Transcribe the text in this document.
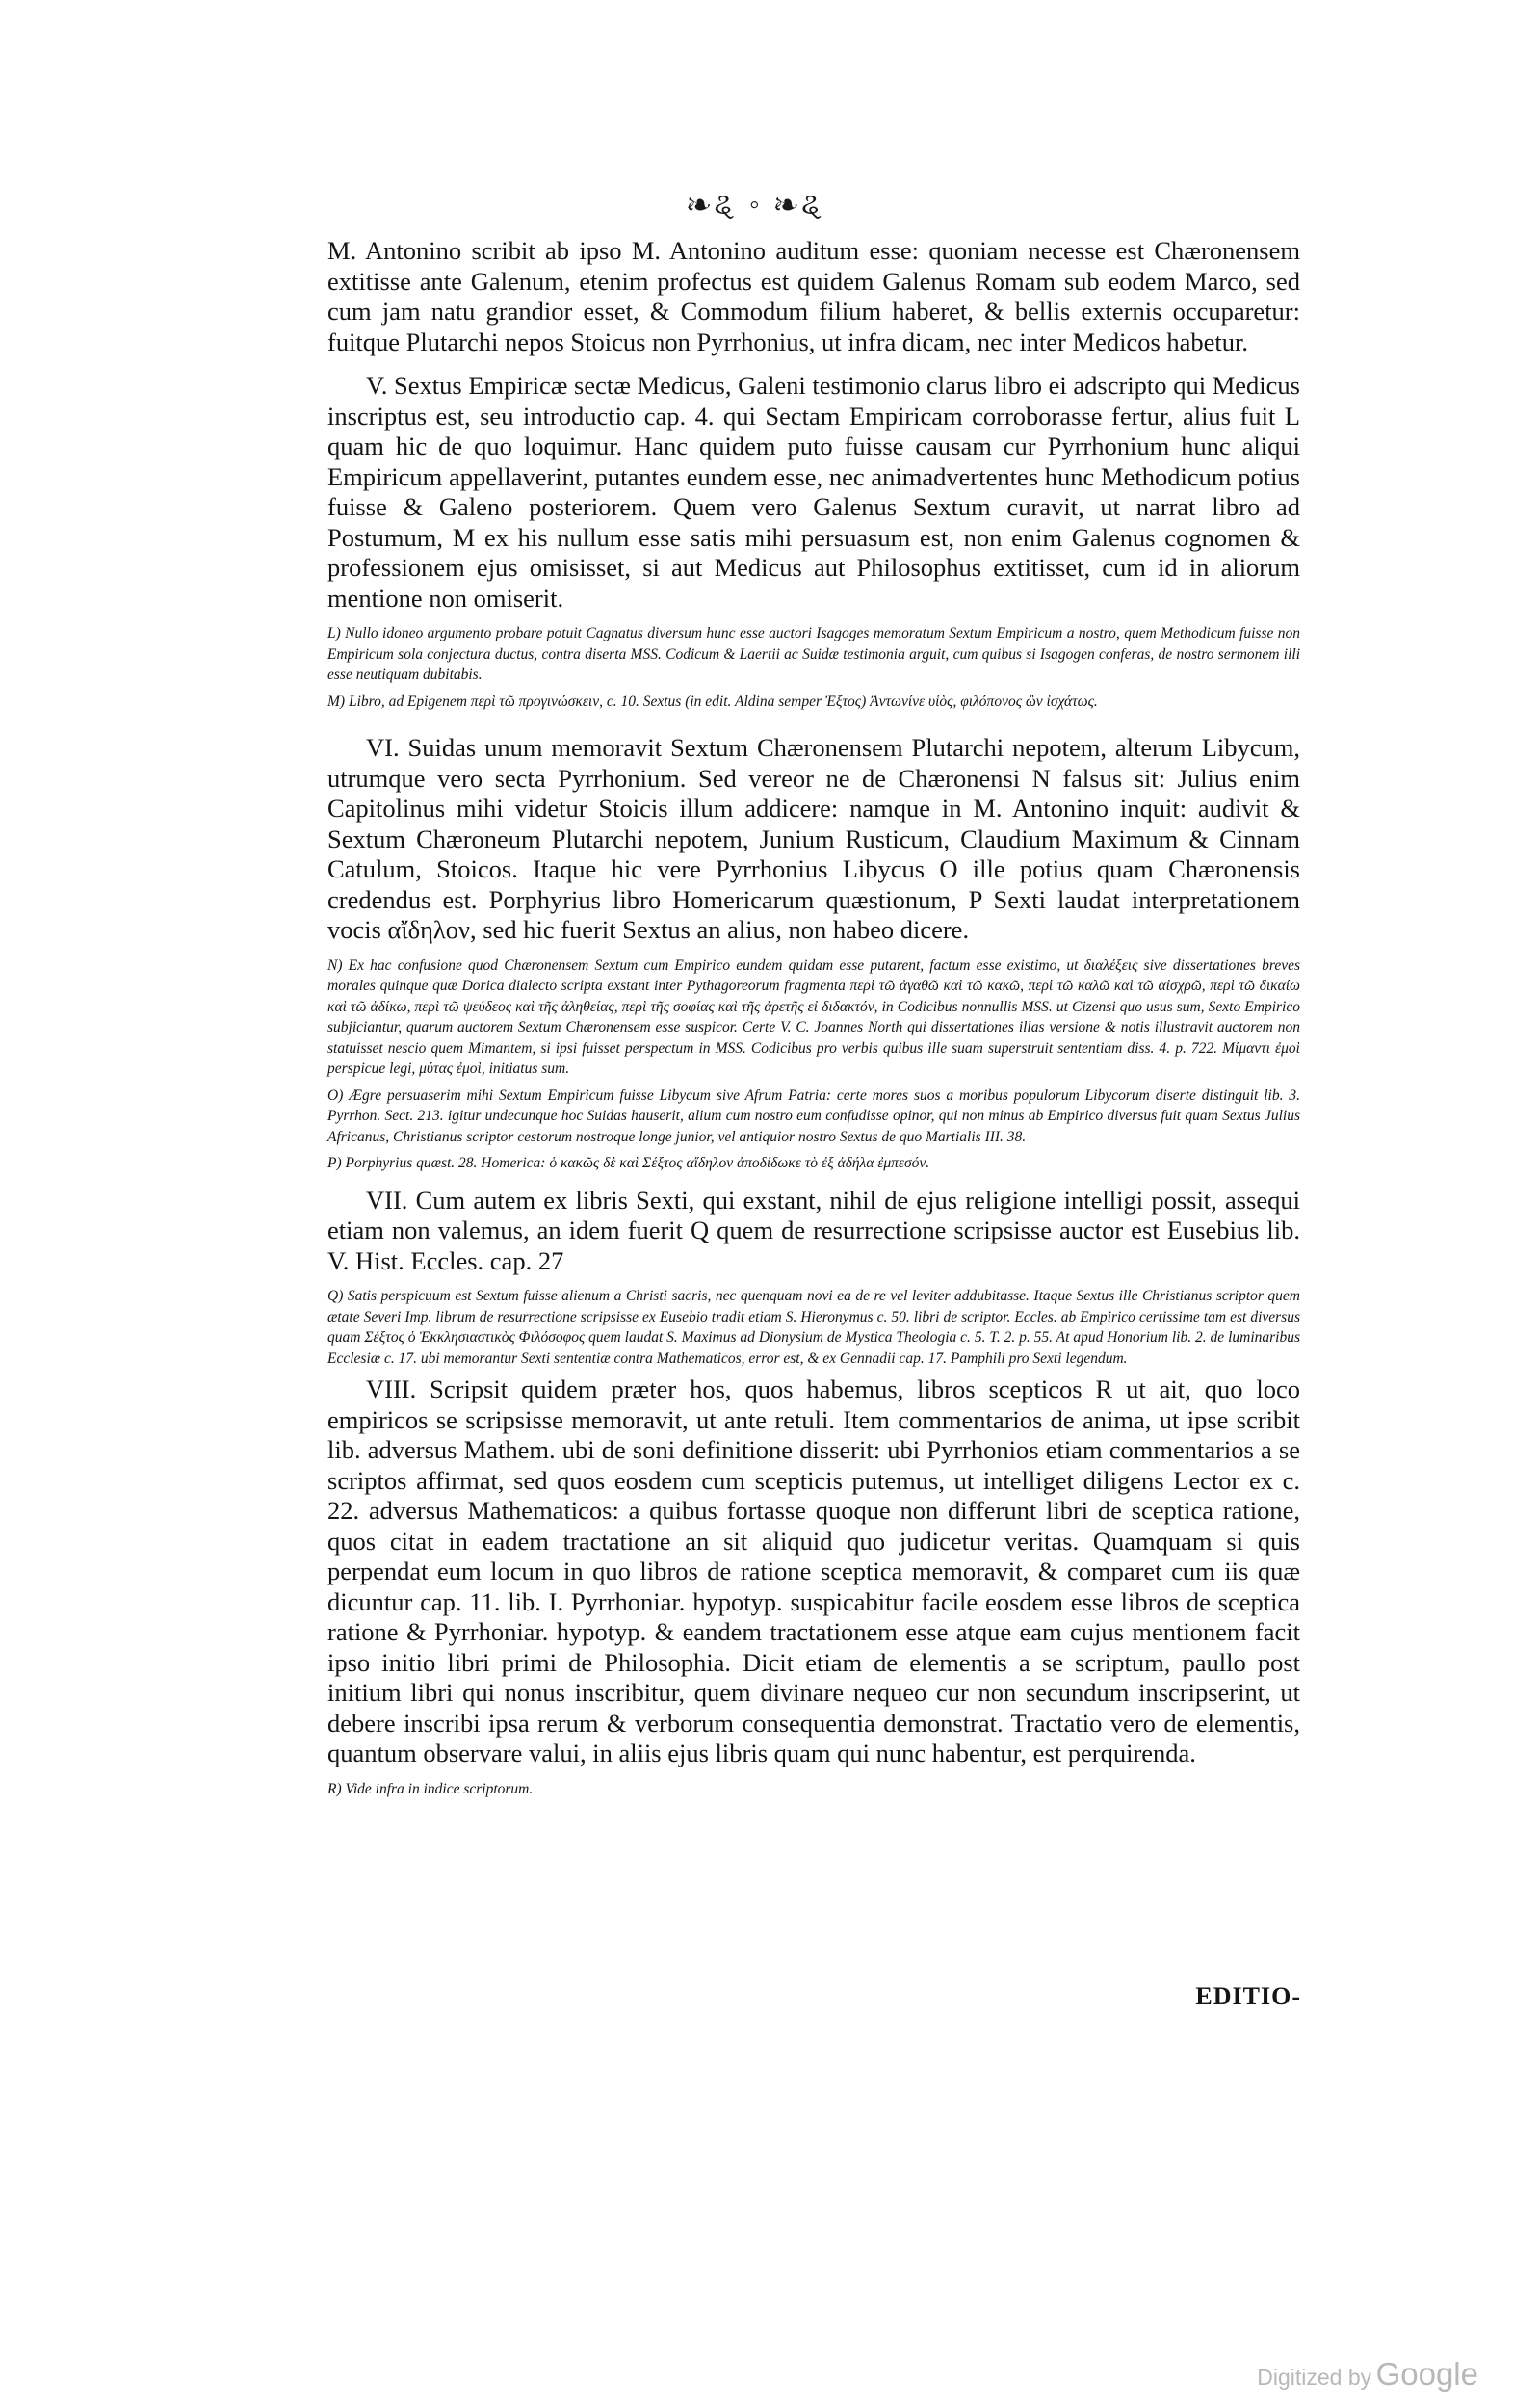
❧ୡ ◦ ❧ୡ

M. Antonino scribit ab ipso M. Antonino auditum esse: quoniam necesse est Chæronensem extitisse ante Galenum, etenim profectus est quidem Galenus Romam sub eodem Marco, sed cum jam natu grandior esset, & Commodum filium haberet, & bellis externis occuparetur: fuitque Plutarchi nepos Stoicus non Pyrrhonius, ut infra dicam, nec inter Medicos habetur.

V. Sextus Empiricæ sectæ Medicus, Galeni testimonio clarus libro ei adscripto qui Medicus inscriptus est, seu introductio cap. 4. qui Sectam Empiricam corroborasse fertur, alius fuit L quam hic de quo loquimur. Hanc quidem puto fuisse causam cur Pyrrhonium hunc aliqui Empiricum appellaverint, putantes eundem esse, nec animadvertentes hunc Methodicum potius fuisse & Galeno posteriorem. Quem vero Galenus Sextum curavit, ut narrat libro ad Postumum, M ex his nullum esse satis mihi persuasum est, non enim Galenus cognomen & professionem ejus omisisset, si aut Medicus aut Philosophus extitisset, cum id in aliorum mentione non omiserit.

L) Nullo idoneo argumento probare potuit Cagnatus diversum hunc esse auctori Isagoges memoratum Sextum Empiricum a nostro, quem Methodicum fuisse non Empiricum sola conjectura ductus, contra diserta MSS. Codicum & Laertii ac Suidæ testimonia arguit, cum quibus si Isagogen conferas, de nostro sermonem illi esse neutiquam dubitabis.

M) Libro, ad Epigenem περὶ τῶ προγινώσκειν, c. 10. Sextus (in edit. Aldina semper Ἐξτος) Ἀντωνίνε υἱὸς, φιλόπονος ὢν ἰσχάτως.

VI. Suidas unum memoravit Sextum Chæronensem Plutarchi nepotem, alterum Libycum, utrumque vero secta Pyrrhonium. Sed vereor ne de Chæronensi N falsus sit: Julius enim Capitolinus mihi videtur Stoicis illum addicere: namque in M. Antonino inquit: audivit & Sextum Chæroneum Plutarchi nepotem, Junium Rusticum, Claudium Maximum & Cinnam Catulum, Stoicos. Itaque hic vere Pyrrhonius Libycus O ille potius quam Chæronensis credendus est. Porphyrius libro Homericarum quæstionum, P Sexti laudat interpretationem vocis αἴδηλον, sed hic fuerit Sextus an alius, non habeo dicere.

N) Ex hac confusione quod Chæronensem Sextum cum Empirico eundem quidam esse putarent, factum esse existimo, ut διαλέξεις sive dissertationes breves morales quinque quæ Dorica dialecto scripta exstant inter Pythagoreorum fragmenta περὶ τῶ ἀγαθῶ καὶ τῶ κακῶ, περὶ τῶ καλῶ καὶ τῶ αἰσχρῶ, περὶ τῶ δικαίω καὶ τῶ ἀδίκω, περὶ τῶ ψεύδεος καὶ τῆς ἀληθείας, περὶ τῆς σοφίας καὶ τῆς ἀρετῆς εἰ διδακτόν, in Codicibus nonnullis MSS. ut Cizensi quo usus sum, Sexto Empirico subjiciantur, quarum auctorem Sextum Chæronensem esse suspicor. Certe V. C. Joannes North qui dissertationes illas versione & notis illustravit auctorem non statuisset nescio quem Mimantem, si ipsi fuisset perspectum in MSS. Codicibus pro verbis quibus ille suam superstruit sententiam diss. 4. p. 722. Μίμαντι ἐμοὶ perspicue legi, μύτας ἐμοὶ, initiatus sum.

O) Ægre persuaserim mihi Sextum Empiricum fuisse Libycum sive Afrum Patria: certe mores suos a moribus populorum Libycorum diserte distinguit lib. 3. Pyrrhon. Sect. 213. igitur undecunque hoc Suidas hauserit, alium cum nostro eum confudisse opinor, qui non minus ab Empirico diversus fuit quam Sextus Julius Africanus, Christianus scriptor cestorum nostroque longe junior, vel antiquior nostro Sextus de quo Martialis III. 38.

P) Porphyrius quæst. 28. Homerica: ὁ κακῶς δὲ καὶ Σέξτος αἴδηλον ἀποδίδωκε τὸ ἐξ ἀδήλα ἐμπεσόν.

VII. Cum autem ex libris Sexti, qui exstant, nihil de ejus religione intelligi possit, assequi etiam non valemus, an idem fuerit Q quem de resurrectione scripsisse auctor est Eusebius lib. V. Hist. Eccles. cap. 27

Q) Satis perspicuum est Sextum fuisse alienum a Christi sacris, nec quenquam novi ea de re vel leviter addubitasse. Itaque Sextus ille Christianus scriptor quem ætate Severi Imp. librum de resurrectione scripsisse ex Eusebio tradit etiam S. Hieronymus c. 50. libri de scriptor. Eccles. ab Empirico certissime tam est diversus quam Σέξτος ὁ Ἐκκλησιαστικὸς Φιλόσοφος quem laudat S. Maximus ad Dionysium de Mystica Theologia c. 5. T. 2. p. 55. At apud Honorium lib. 2. de luminaribus Ecclesiæ c. 17. ubi memorantur Sexti sententiæ contra Mathematicos, error est, & ex Gennadii cap. 17. Pamphili pro Sexti legendum.

VIII. Scripsit quidem præter hos, quos habemus, libros scepticos R ut ait, quo loco empiricos se scripsisse memoravit, ut ante retuli. Item commentarios de anima, ut ipse scribit lib. adversus Mathem. ubi de soni definitione disserit: ubi Pyrrhonios etiam commentarios a se scriptos affirmat, sed quos eosdem cum scepticis putemus, ut intelliget diligens Lector ex c. 22. adversus Mathematicos: a quibus fortasse quoque non differunt libri de sceptica ratione, quos citat in eadem tractatione an sit aliquid quo judicetur veritas. Quamquam si quis perpendat eum locum in quo libros de ratione sceptica memoravit, & comparet cum iis quæ dicuntur cap. 11. lib. I. Pyrrhoniar. hypotyp. suspicabitur facile eosdem esse libros de sceptica ratione & Pyrrhoniar. hypotyp. & eandem tractationem esse atque eam cujus mentionem facit ipso initio libri primi de Philosophia. Dicit etiam de elementis a se scriptum, paullo post initium libri qui nonus inscribitur, quem divinare nequeo cur non secundum inscripserint, ut debere inscribi ipsa rerum & verborum consequentia demonstrat. Tractatio vero de elementis, quantum observare valui, in aliis ejus libris quam qui nunc habentur, est perquirenda.

R) Vide infra in indice scriptorum.

EDITIO-
Digitized by Google
